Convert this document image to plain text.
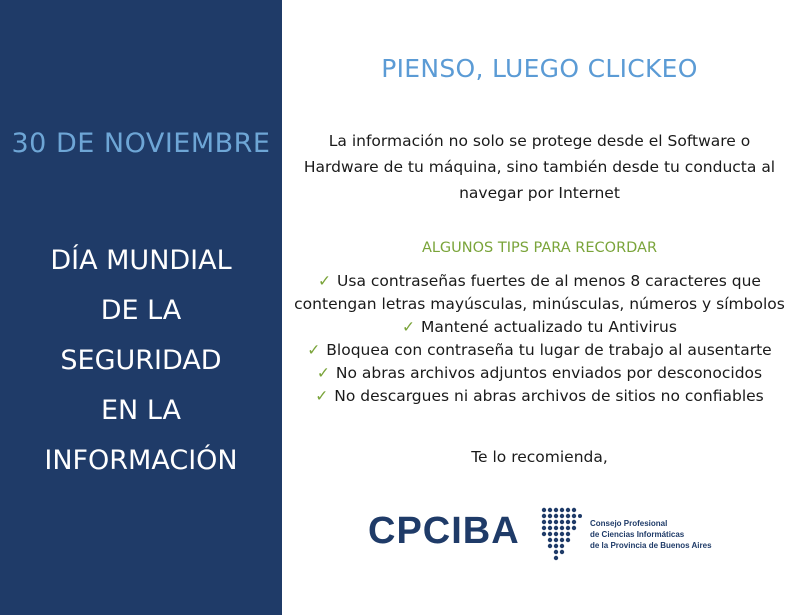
30 DE NOVIEMBRE
DÍA MUNDIAL
DE LA
SEGURIDAD
EN LA
INFORMACIÓN
PIENSO, LUEGO CLICKEO
La información no solo se protege desde el Software o Hardware de tu máquina, sino también desde tu conducta al navegar por Internet
ALGUNOS TIPS PARA RECORDAR
✓ Usa contraseñas fuertes de al menos 8 caracteres que contengan letras mayúsculas, minúsculas, números y símbolos
✓ Mantené actualizado tu Antivirus
✓ Bloquea con contraseña tu lugar de trabajo al ausentarte
✓ No abras archivos adjuntos enviados por desconocidos
✓ No descargues ni abras archivos de sitios no confiables
Te lo recomienda,
CPCIBA	Consejo Profesional
de Ciencias Informáticas
de la Provincia de Buenos Aires
